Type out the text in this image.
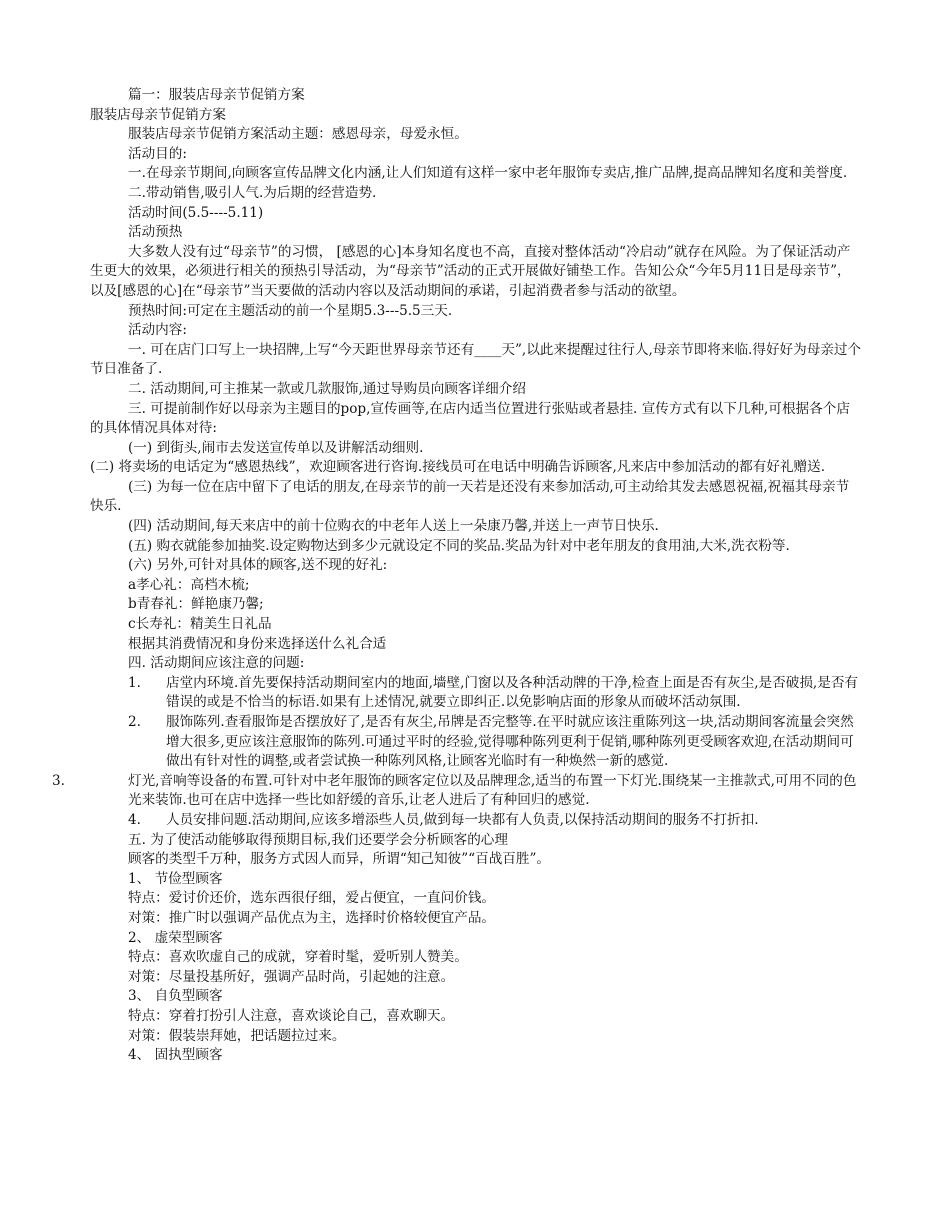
篇一：服装店母亲节促销方案

服装店母亲节促销方案

服装店母亲节促销方案活动主题：感恩母亲，母爱永恒。

活动目的:

一.在母亲节期间,向顾客宣传品牌文化内涵,让人们知道有这样一家中老年服饰专卖店,推广品牌,提高品牌知名度和美誉度.

二.带动销售,吸引人气.为后期的经营造势.

活动时间(5.5----5.11)

活动预热

大多数人没有过“母亲节”的习惯， [感恩的心]本身知名度也不高，直接对整体活动“冷启动”就存在风险。为了保证活动产生更大的效果，必须进行相关的预热引导活动，为“母亲节”活动的正式开展做好铺垫工作。告知公众“今年5月11日是母亲节”，以及[感恩的心]在“母亲节”当天要做的活动内容以及活动期间的承诺，引起消费者参与活动的欲望。

预热时间:可定在主题活动的前一个星期5.3---5.5三天.

活动内容:

一. 可在店门口写上一块招牌,上写“今天距世界母亲节还有____天”,以此来提醒过往行人,母亲节即将来临.得好好为母亲过个节日准备了.

二. 活动期间,可主推某一款或几款服饰,通过导购员向顾客详细介绍

三. 可提前制作好以母亲为主题目的pop,宣传画等,在店内适当位置进行张贴或者悬挂. 宣传方式有以下几种,可根据各个店的具体情况具体对待:

(一) 到街头,闹市去发送宣传单以及讲解活动细则.

(二) 将卖场的电话定为“感恩热线”，欢迎顾客进行咨询.接线员可在电话中明确告诉顾客,凡来店中参加活动的都有好礼赠送.

(三) 为每一位在店中留下了电话的朋友,在母亲节的前一天若是还没有来参加活动,可主动给其发去感恩祝福,祝福其母亲节快乐.

(四) 活动期间,每天来店中的前十位购衣的中老年人送上一朵康乃馨,并送上一声节日快乐.

(五) 购衣就能参加抽奖.设定购物达到多少元就设定不同的奖品.奖品为针对中老年朋友的食用油,大米,洗衣粉等.

(六) 另外,可针对具体的顾客,送不现的好礼:

a孝心礼：高档木梳;

b青春礼：鲜艳康乃馨;

c长寿礼：精美生日礼品

根据其消费情况和身份来选择送什么礼合适

四. 活动期间应该注意的问题:

1.	店堂内环境.首先要保持活动期间室内的地面,墙壁,门窗以及各种活动牌的干净,检查上面是否有灰尘,是否破损,是否有错误的或是不恰当的标语.如果有上述情况,就要立即纠正.以免影响店面的形象从而破坏活动氛围.
2.	服饰陈列.查看服饰是否摆放好了,是否有灰尘,吊牌是否完整等.在平时就应该注重陈列这一块,活动期间客流量会突然增大很多,更应该注意服饰的陈列.可通过平时的经验,觉得哪种陈列更利于促销,哪种陈列更受顾客欢迎,在活动期间可做出有针对性的调整,或者尝试换一种陈列风格,让顾客光临时有一种焕然一新的感觉.
3.	灯光,音响等设备的布置.可针对中老年服饰的顾客定位以及品牌理念,适当的布置一下灯光.围绕某一主推款式,可用不同的色光来装饰.也可在店中选择一些比如舒缓的音乐,让老人进后了有种回归的感觉.
4.	人员安排问题.活动期间,应该多增添些人员,做到每一块都有人负责,以保持活动期间的服务不打折扣.

五. 为了使活动能够取得预期目标,我们还要学会分析顾客的心理

顾客的类型千万种，服务方式因人而异，所谓“知己知彼”“百战百胜”。

1、 节俭型顾客

特点：爱讨价还价，选东西很仔细，爱占便宜，一直问价钱。

对策：推广时以强调产品优点为主，选择时价格较便宜产品。

2、 虚荣型顾客

特点：喜欢吹虚自己的成就，穿着时髦，爱听别人赞美。

对策：尽量投基所好，强调产品时尚，引起她的注意。

3、 自负型顾客

特点：穿着打扮引人注意，喜欢谈论自己，喜欢聊天。

对策：假装崇拜她，把话题拉过来。

4、 固执型顾客
